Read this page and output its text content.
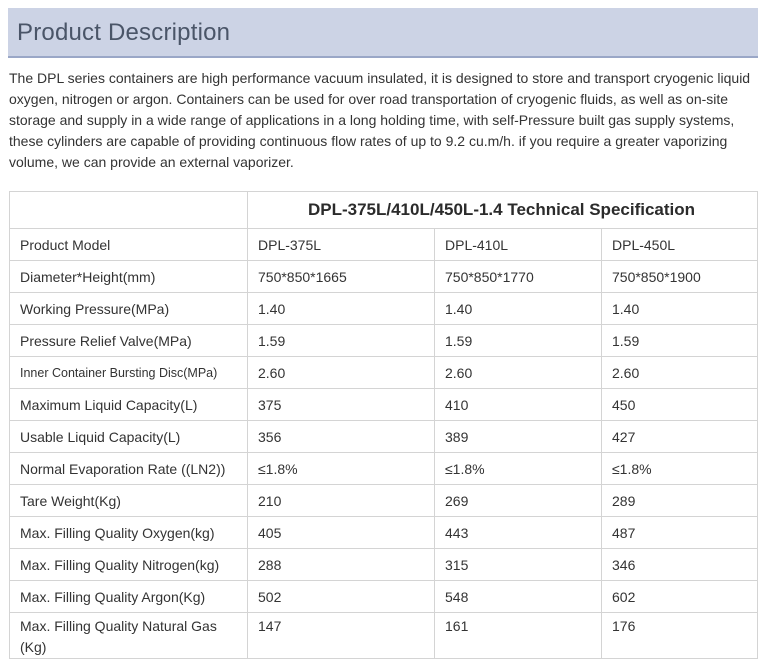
Product Description

The DPL series containers are high performance vacuum insulated, it is designed to store and transport cryogenic liquid oxygen, nitrogen or argon. Containers can be used for over road transportation of cryogenic fluids, as well as on-site storage and supply in a wide range of applications in a long holding time, with self-Pressure built gas supply systems, these cylinders are capable of providing continuous flow rates of up to 9.2 cu.m/h. if you require a greater vaporizing volume, we can provide an external vaporizer.

	DPL-375L/410L/450L-1.4 Technical Specification		
Product Model	DPL-375L	DPL-410L	DPL-450L
Diameter*Height(mm)	750*850*1665	750*850*1770	750*850*1900
Working Pressure(MPa)	1.40	1.40	1.40
Pressure Relief Valve(MPa)	1.59	1.59	1.59
Inner Container Bursting Disc(MPa)	2.60	2.60	2.60
Maximum Liquid Capacity(L)	375	410	450
Usable Liquid Capacity(L)	356	389	427
Normal Evaporation Rate ((LN2))	≤1.8%	≤1.8%	≤1.8%
Tare Weight(Kg)	210	269	289
Max. Filling Quality Oxygen(kg)	405	443	487
Max. Filling Quality Nitrogen(kg)	288	315	346
Max. Filling Quality Argon(Kg)	502	548	602
Max. Filling Quality Natural Gas (Kg)	147	161	176
